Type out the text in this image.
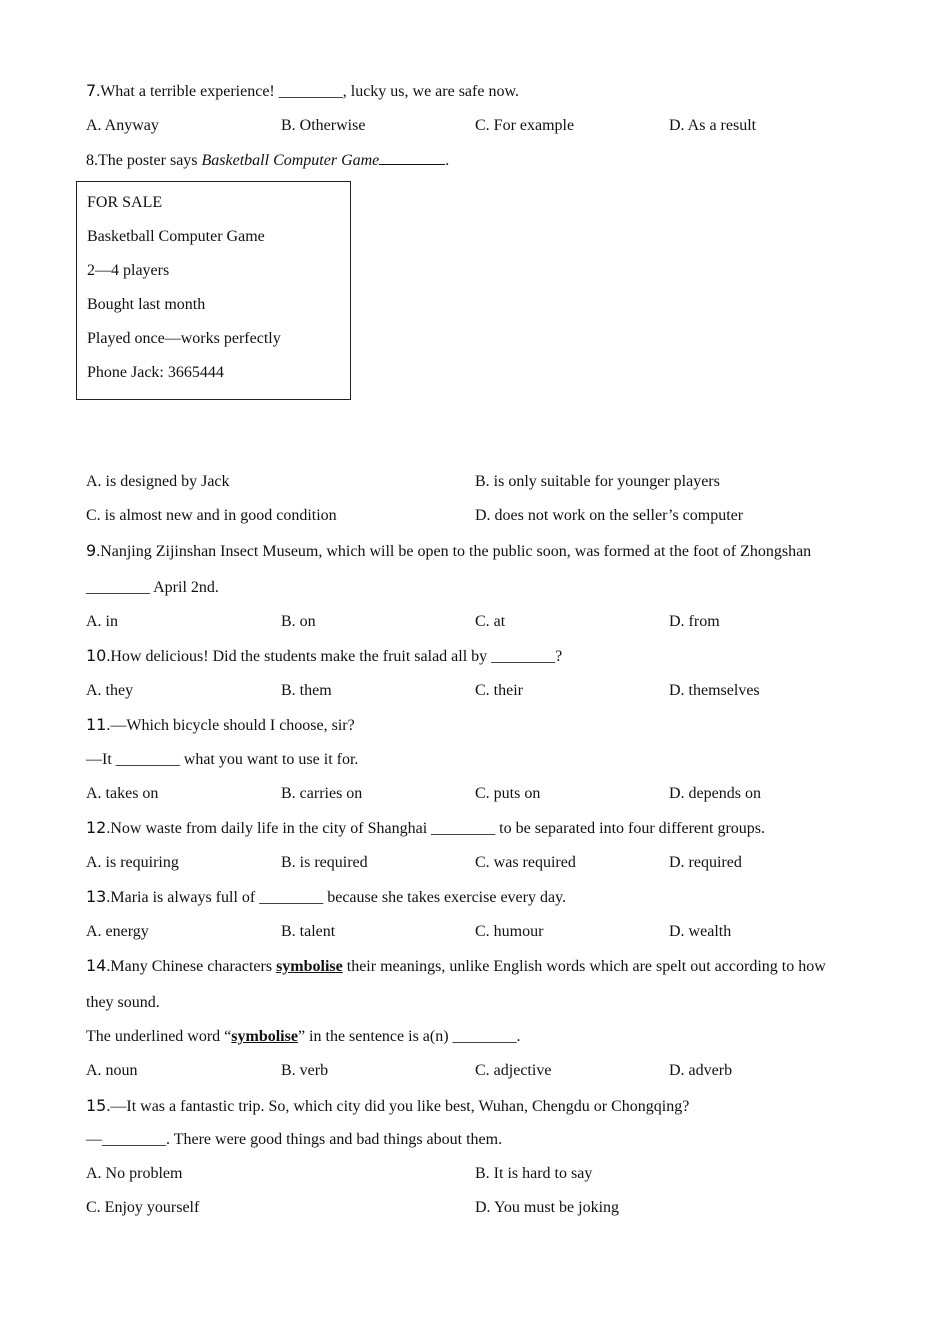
7.What a terrible experience! ________, lucky us, we are safe now.
A. Anyway	B. Otherwise	C. For example	D. As a result
8.The poster says Basketball Computer Game	.
FOR SALE
Basketball Computer Game
2—4 players
Bought last month
Played once—works perfectly
Phone Jack: 3665444
A. is designed by Jack	B. is only suitable for younger players
C. is almost new and in good condition	D. does not work on the seller’s computer
9.Nanjing Zijinshan Insect Museum, which will be open to the public soon, was formed at the foot of Zhongshan
________ April 2nd.
A. in	B. on	C. at	D. from
10.How delicious! Did the students make the fruit salad all by ________?
A. they	B. them	C. their	D. themselves
11.—Which bicycle should I choose, sir?
—It ________ what you want to use it for.
A. takes on	B. carries on	C. puts on	D. depends on
12.Now waste from daily life in the city of Shanghai ________ to be separated into four different groups.
A. is requiring	B. is required	C. was required	D. required
13.Maria is always full of ________ because she takes exercise every day.
A. energy	B. talent	C. humour	D. wealth
14.Many Chinese characters symbolise their meanings, unlike English words which are spelt out according to how
they sound.
The underlined word “symbolise” in the sentence is a(n) ________.
A. noun	B. verb	C. adjective	D. adverb
15.—It was a fantastic trip. So, which city did you like best, Wuhan, Chengdu or Chongqing?
—________. There were good things and bad things about them.
A. No problem	B. It is hard to say
C. Enjoy yourself	D. You must be joking
